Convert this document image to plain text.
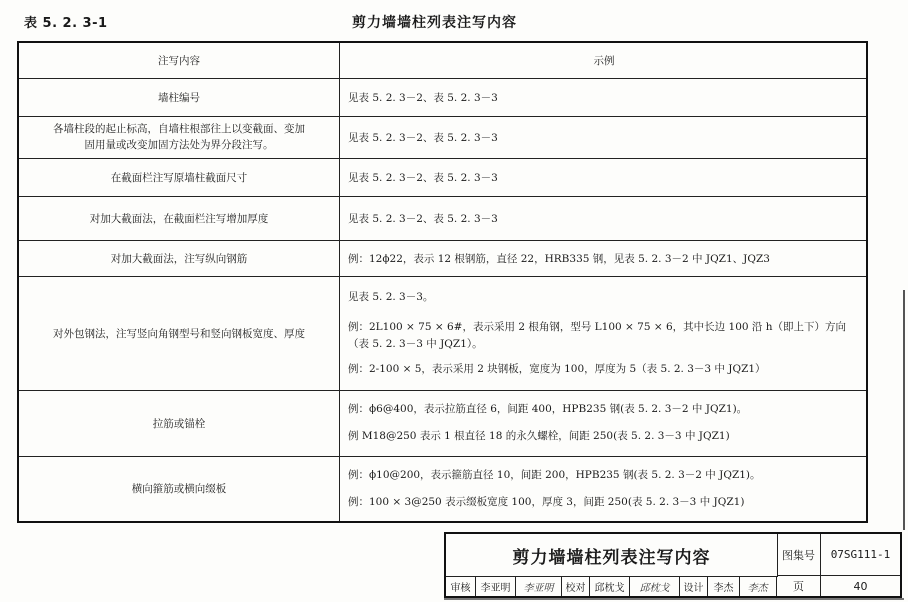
表 5. 2. 3-1	剪力墙墙柱列表注写内容
注写内容	示例
墙柱编号	见表 5. 2. 3－2、表 5. 2. 3－3

各墙柱段的起止标高，自墙柱根部往上以变截面、变加
固用量或改变加固方法处为界分段注写。	见表 5. 2. 3－2、表 5. 2. 3－3
在截面栏注写原墙柱截面尺寸	见表 5. 2. 3－2、表 5. 2. 3－3
对加大截面法，在截面栏注写增加厚度	见表 5. 2. 3－2、表 5. 2. 3－3
对加大截面法，注写纵向钢筋	例：12ϕ22，表示 12 根钢筋，直径 22，HRB335 钢，见表 5. 2. 3－2 中 JQZ1、JQZ3
对外包钢法，注写竖向角钢型号和竖向钢板宽度、厚度	见表 5. 2. 3－3。
例：2L100 × 75 × 6#，表示采用 2 根角钢，型号 L100 × 75 × 6，其中长边 100 沿 h（即上下）方向（表 5. 2. 3－3 中 JQZ1）。
例：2-100 × 5，表示采用 2 块钢板，宽度为 100，厚度为 5（表 5. 2. 3－3 中 JQZ1）

拉筋或锚栓	例：ϕ6@400，表示拉筋直径 6，间距 400，HPB235 钢(表 5. 2. 3－2 中 JQZ1)。
例 M18@250 表示 1 根直径 18 的永久螺栓，间距 250(表 5. 2. 3－3 中 JQZ1)

横向箍筋或横向缀板	例：ϕ10@200，表示箍筋直径 10，间距 200，HPB235 钢(表 5. 2. 3－2 中 JQZ1)。
例：100 × 3@250 表示缀板宽度 100，厚度 3，间距 250(表 5. 2. 3－3 中 JQZ1)
剪力墙墙柱列表注写内容	图集号	07SG111-1
审核	李亚明	李亚明	校对 邱枕戈	邱枕戈	设计	李杰	李杰	页	40
